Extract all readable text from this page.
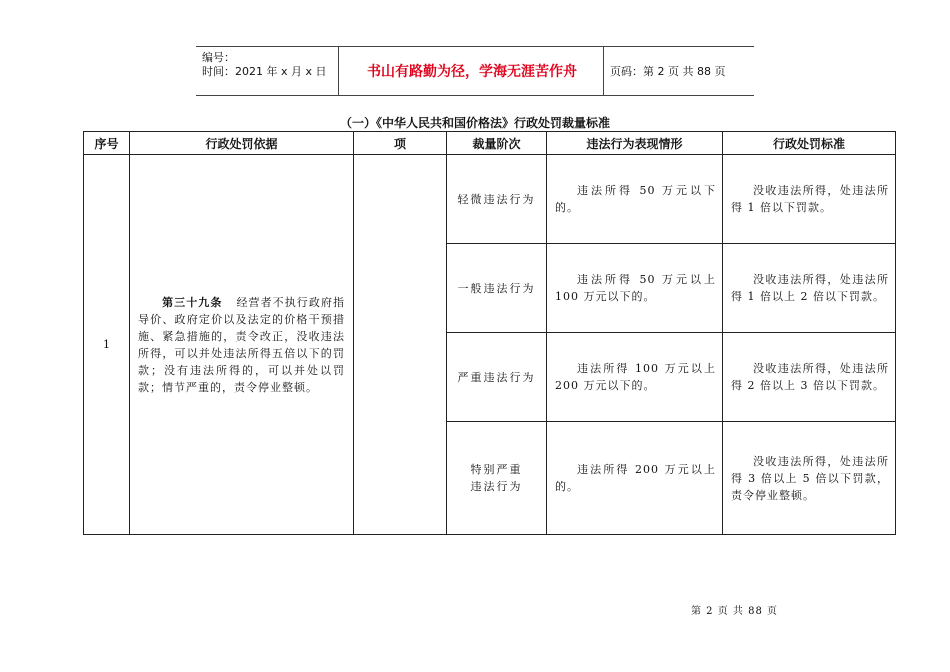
编号：
时间：2021 年 x 月 x 日	书山有路勤为径，学海无涯苦作舟	页码：第 2 页 共 88 页
（一）《中华人民共和国价格法》行政处罚裁量标准
序号	行政处罚依据	项	裁量阶次	违法行为表现情形	行政处罚标准
1	第三十九条 经营者不执行政府指导价、政府定价以及法定的价格干预措施、紧急措施的，责令改正，没收违法所得，可以并处违法所得五倍以下的罚款；没有违法所得的，可以并处以罚款；情节严重的，责令停业整顿。		轻微违法行为	违法所得 50 万元以下的。	没收违法所得，处违法所得 1 倍以下罚款。

			一般违法行为	违法所得 50 万元以上 100 万元以下的。	没收违法所得，处违法所得 1 倍以上 2 倍以下罚款。

			严重违法行为	违法所得 100 万元以上 200 万元以下的。	没收违法所得，处违法所得 2 倍以上 3 倍以下罚款。

			特别严重违法行为	违法所得 200 万元以上的。	没收违法所得，处违法所得 3 倍以上 5 倍以下罚款，责令停业整顿。
第 2 页 共 88 页
